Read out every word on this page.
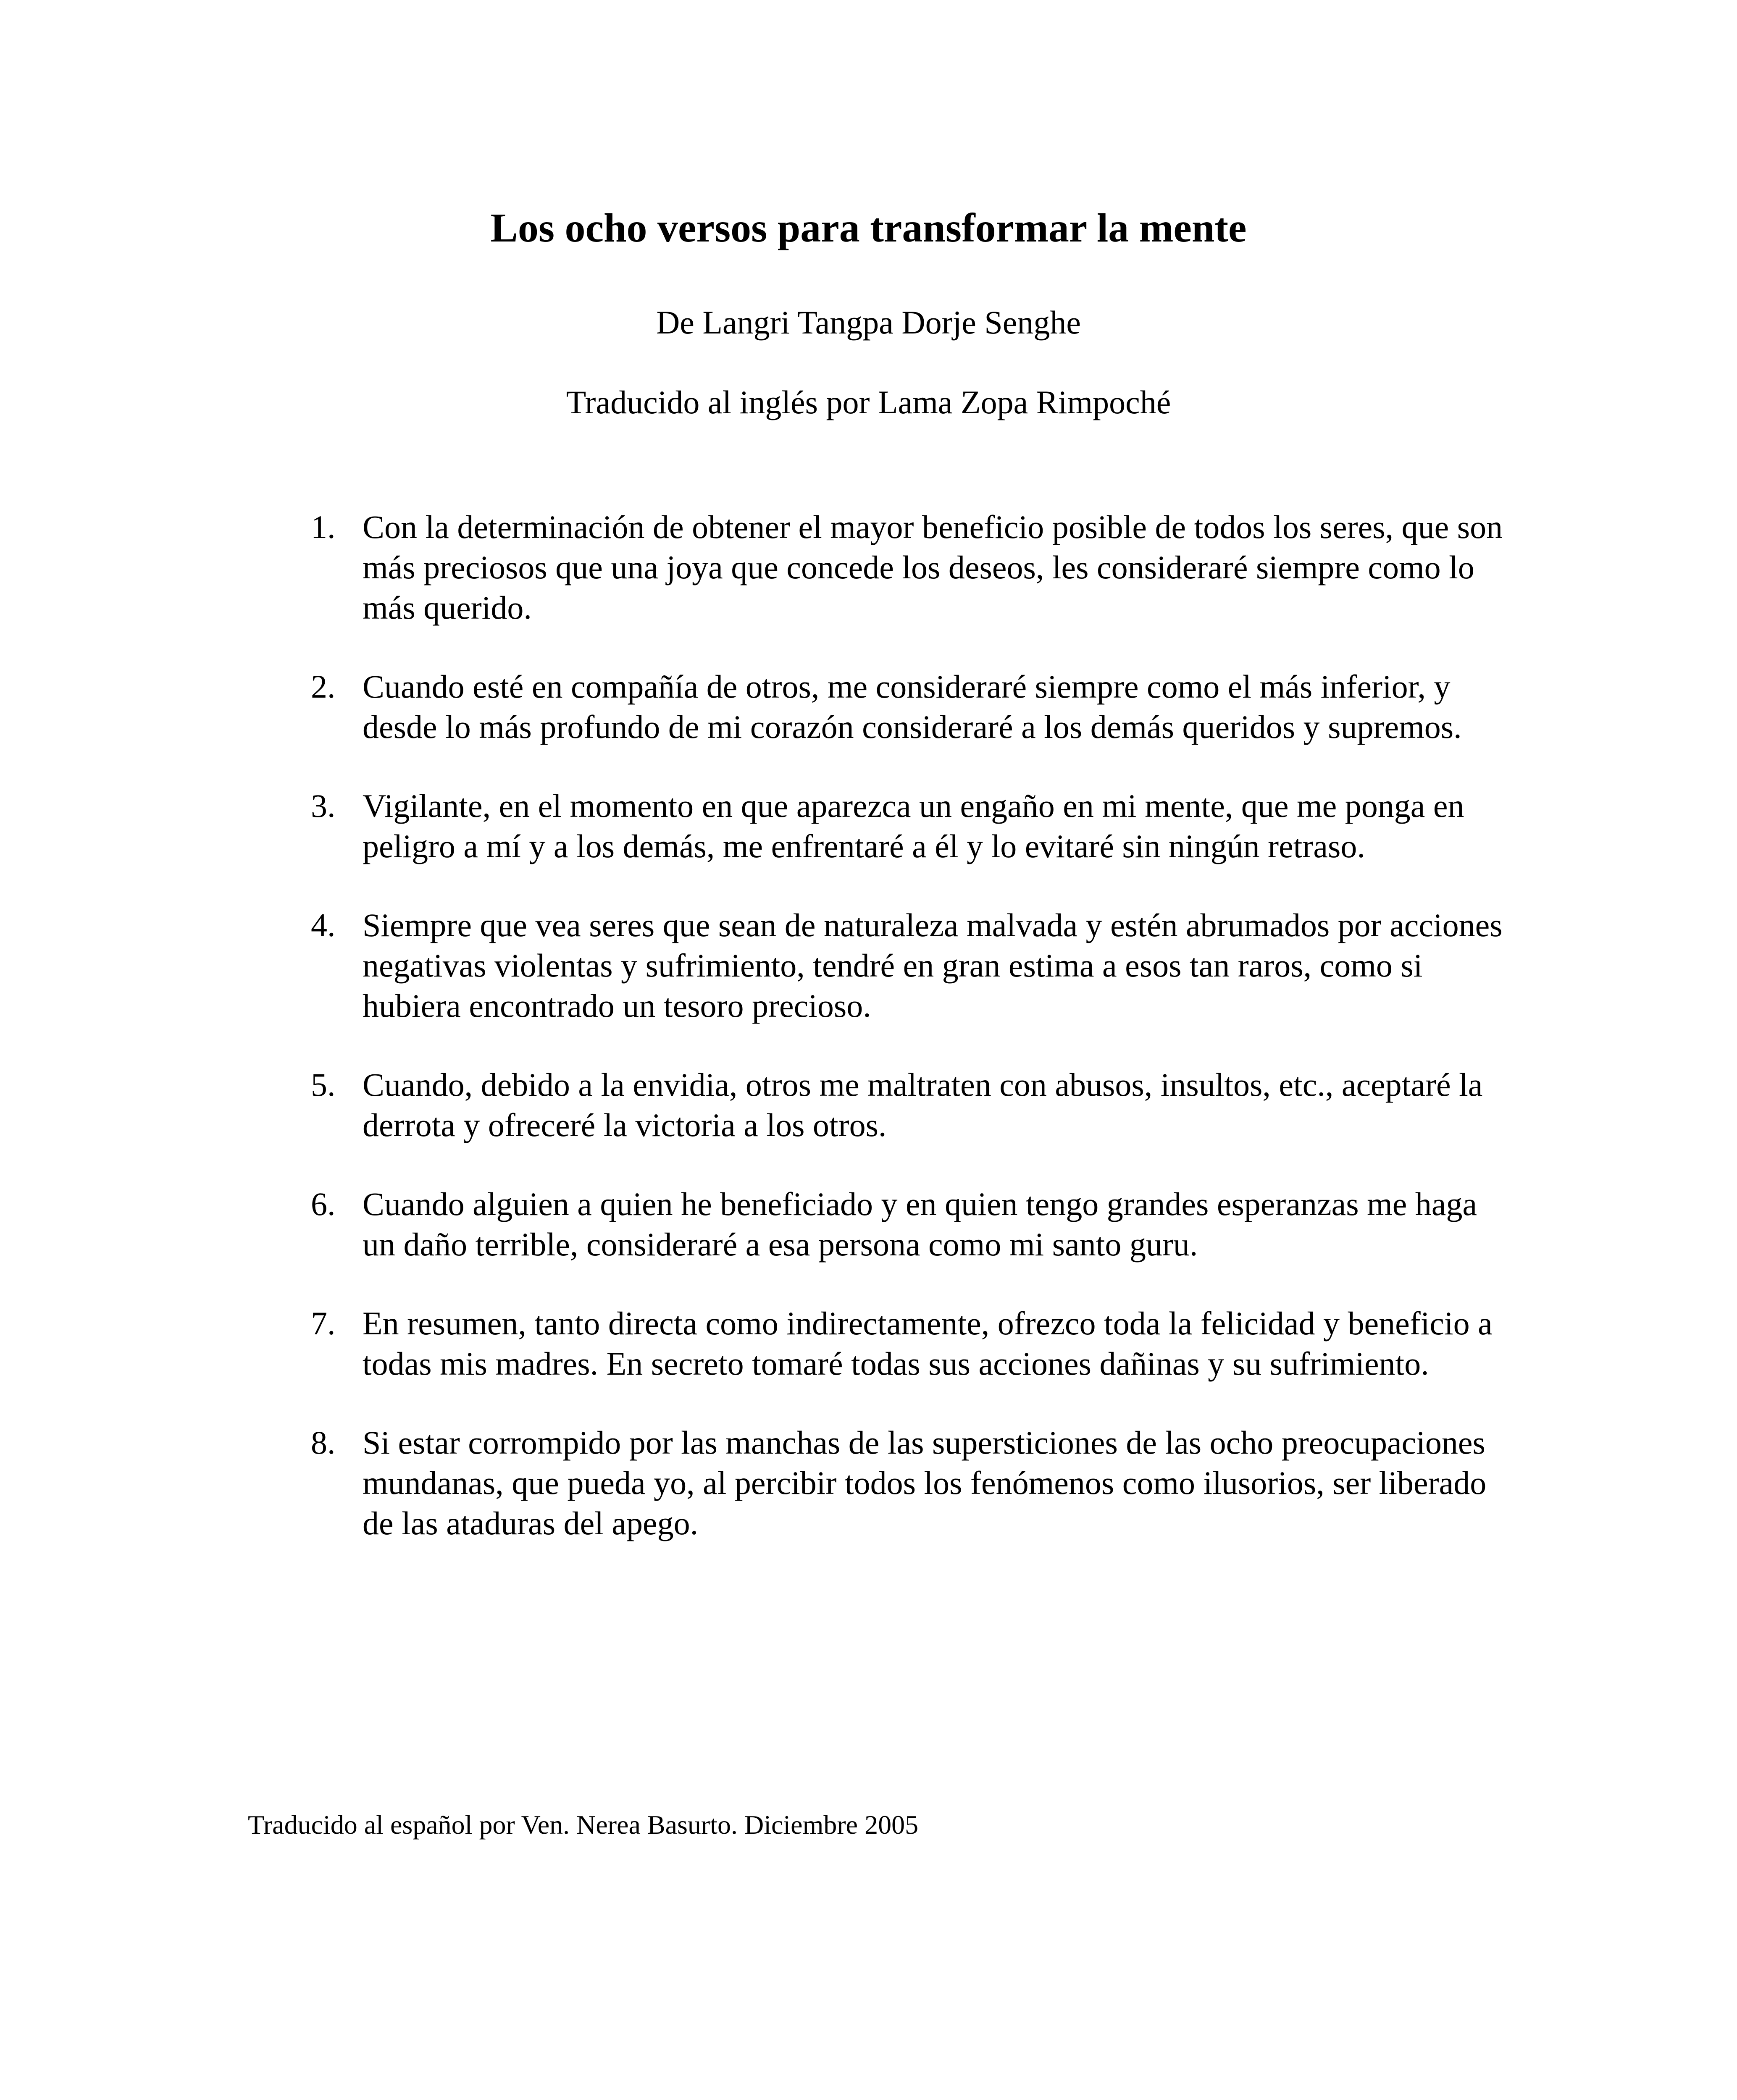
Los ocho versos para transformar la mente

De Langri Tangpa Dorje Senghe

Traducido al inglés por Lama Zopa Rimpoché

1. Con la determinación de obtener el mayor beneficio posible de todos los seres, que son más preciosos que una joya que concede los deseos, les consideraré siempre como lo más querido.
2. Cuando esté en compañía de otros, me consideraré siempre como el más inferior, y desde lo más profundo de mi corazón consideraré a los demás queridos y supremos.
3. Vigilante, en el momento en que aparezca un engaño en mi mente, que me ponga en peligro a mí y a los demás, me enfrentaré a él y lo evitaré sin ningún retraso.
4. Siempre que vea seres que sean de naturaleza malvada y estén abrumados por acciones negativas violentas y sufrimiento, tendré en gran estima a esos tan raros, como si hubiera encontrado un tesoro precioso.
5. Cuando, debido a la envidia, otros me maltraten con abusos, insultos, etc., aceptaré la derrota y ofreceré la victoria a los otros.
6. Cuando alguien a quien he beneficiado y en quien tengo grandes esperanzas me haga un daño terrible, consideraré a esa persona como mi santo guru.
7. En resumen, tanto directa como indirectamente, ofrezco toda la felicidad y beneficio a todas mis madres. En secreto tomaré todas sus acciones dañinas y su sufrimiento.
8. Si estar corrompido por las manchas de las supersticiones de las ocho preocupaciones mundanas, que pueda yo, al percibir todos los fenómenos como ilusorios, ser liberado de las ataduras del apego.

Traducido al español por Ven. Nerea Basurto. Diciembre 2005
